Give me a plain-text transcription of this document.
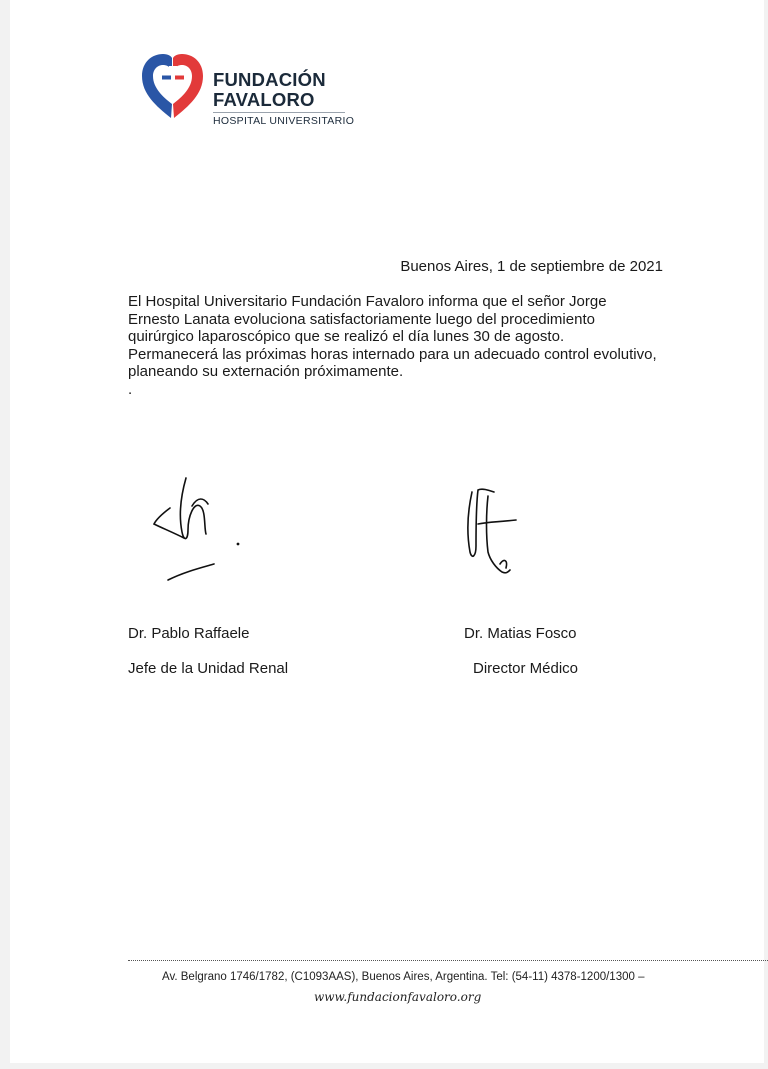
FUNDACIÓN
FAVALORO
HOSPITAL UNIVERSITARIO
Buenos Aires, 1 de septiembre de 2021
El Hospital Universitario Fundación Favaloro informa que el señor Jorge
Ernesto Lanata evoluciona satisfactoriamente luego del procedimiento
quirúrgico laparoscópico que se realizó el día lunes 30 de agosto.
Permanecerá las próximas horas internado para un adecuado control evolutivo,
planeando su externación próximamente.
.
Dr. Pablo Raffaele
Jefe de la Unidad Renal
Dr. Matias Fosco
Director Médico
Av. Belgrano 1746/1782, (C1093AAS), Buenos Aires, Argentina. Tel: (54-11) 4378-1200/1300 –
www.fundacionfavaloro.org
